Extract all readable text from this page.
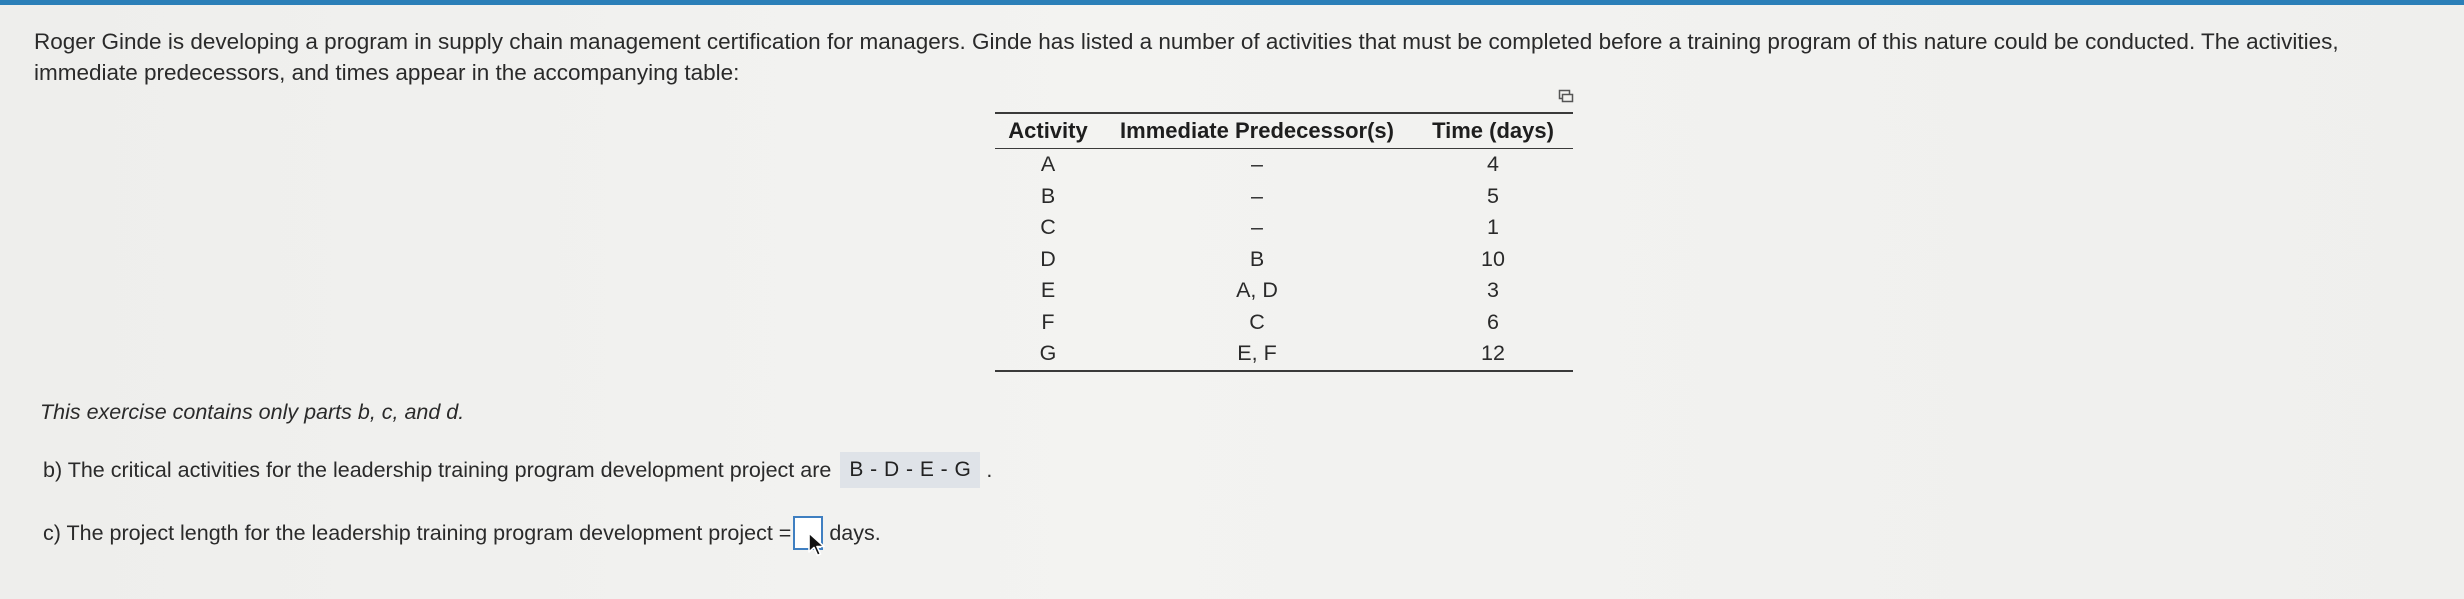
Roger Ginde is developing a program in supply chain management certification for managers. Ginde has listed a number of activities that must be completed before a training program of this nature could be conducted. The activities, immediate predecessors, and times appear in the accompanying table:
Activity	Immediate Predecessor(s)	Time (days)
A	–	4
B	–	5
C	–	1
D	B	10
E	A, D	3
F	C	6
G	E, F	12
This exercise contains only parts b, c, and d.
b) The critical activities for the leadership training program development project are B - D - E - G .
c) The project length for the leadership training program development project = days.
